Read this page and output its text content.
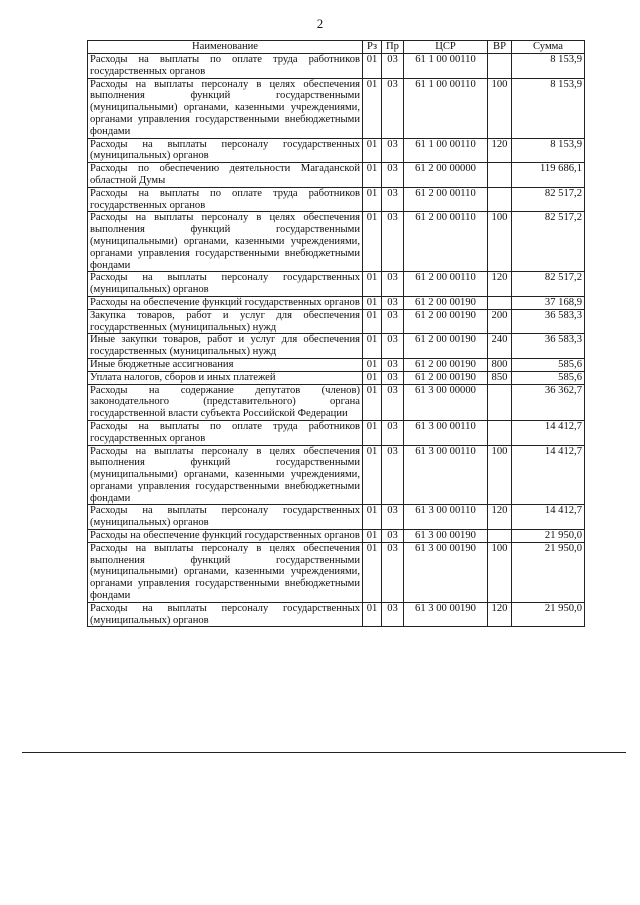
2
Наименование	Рз	Пр	ЦСР	ВР	Сумма
Расходы на выплаты по оплате труда работников государственных органов	01	03	61 1 00 00110		8 153,9
Расходы на выплаты персоналу в целях обеспечения выполнения функций государственными (муниципальными) органами, казенными учреждениями, органами управления государственными внебюджетными фондами	01	03	61 1 00 00110	100	8 153,9
Расходы на выплаты персоналу государственных (муниципальных) органов	01	03	61 1 00 00110	120	8 153,9
Расходы по обеспечению деятельности Магаданской областной Думы	01	03	61 2 00 00000		119 686,1
Расходы на выплаты по оплате труда работников государственных органов	01	03	61 2 00 00110		82 517,2
Расходы на выплаты персоналу в целях обеспечения выполнения функций государственными (муниципальными) органами, казенными учреждениями, органами управления государственными внебюджетными фондами	01	03	61 2 00 00110	100	82 517,2
Расходы на выплаты персоналу государственных (муниципальных) органов	01	03	61 2 00 00110	120	82 517,2
Расходы на обеспечение функций государственных органов	01	03	61 2 00 00190		37 168,9
Закупка товаров, работ и услуг для обеспечения государственных (муниципальных) нужд	01	03	61 2 00 00190	200	36 583,3
Иные закупки товаров, работ и услуг для обеспечения государственных (муниципальных) нужд	01	03	61 2 00 00190	240	36 583,3
Иные бюджетные ассигнования	01	03	61 2 00 00190	800	585,6
Уплата налогов, сборов и иных платежей	01	03	61 2 00 00190	850	585,6
Расходы на содержание депутатов (членов) законодательного (представительного) органа государственной власти субъекта Российской Федерации	01	03	61 3 00 00000		36 362,7
Расходы на выплаты по оплате труда работников государственных органов	01	03	61 3 00 00110		14 412,7
Расходы на выплаты персоналу в целях обеспечения выполнения функций государственными (муниципальными) органами, казенными учреждениями, органами управления государственными внебюджетными фондами	01	03	61 3 00 00110	100	14 412,7
Расходы на выплаты персоналу государственных (муниципальных) органов	01	03	61 3 00 00110	120	14 412,7
Расходы на обеспечение функций государственных органов	01	03	61 3 00 00190		21 950,0
Расходы на выплаты персоналу в целях обеспечения выполнения функций государственными (муниципальными) органами, казенными учреждениями, органами управления государственными внебюджетными фондами	01	03	61 3 00 00190	100	21 950,0
Расходы на выплаты персоналу государственных (муниципальных) органов	01	03	61 3 00 00190	120	21 950,0
